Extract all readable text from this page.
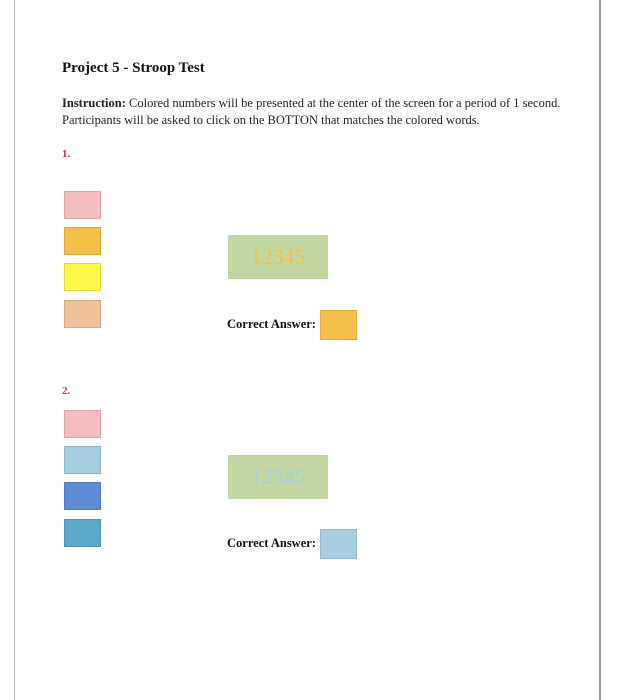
Project 5 - Stroop Test
Instruction: Colored numbers will be presented at the center of the screen for a period of 1 second.
Participants will be asked to click on the BOTTON that matches the colored words.
1.
12345
Correct Answer:
2.
12345
Correct Answer:
